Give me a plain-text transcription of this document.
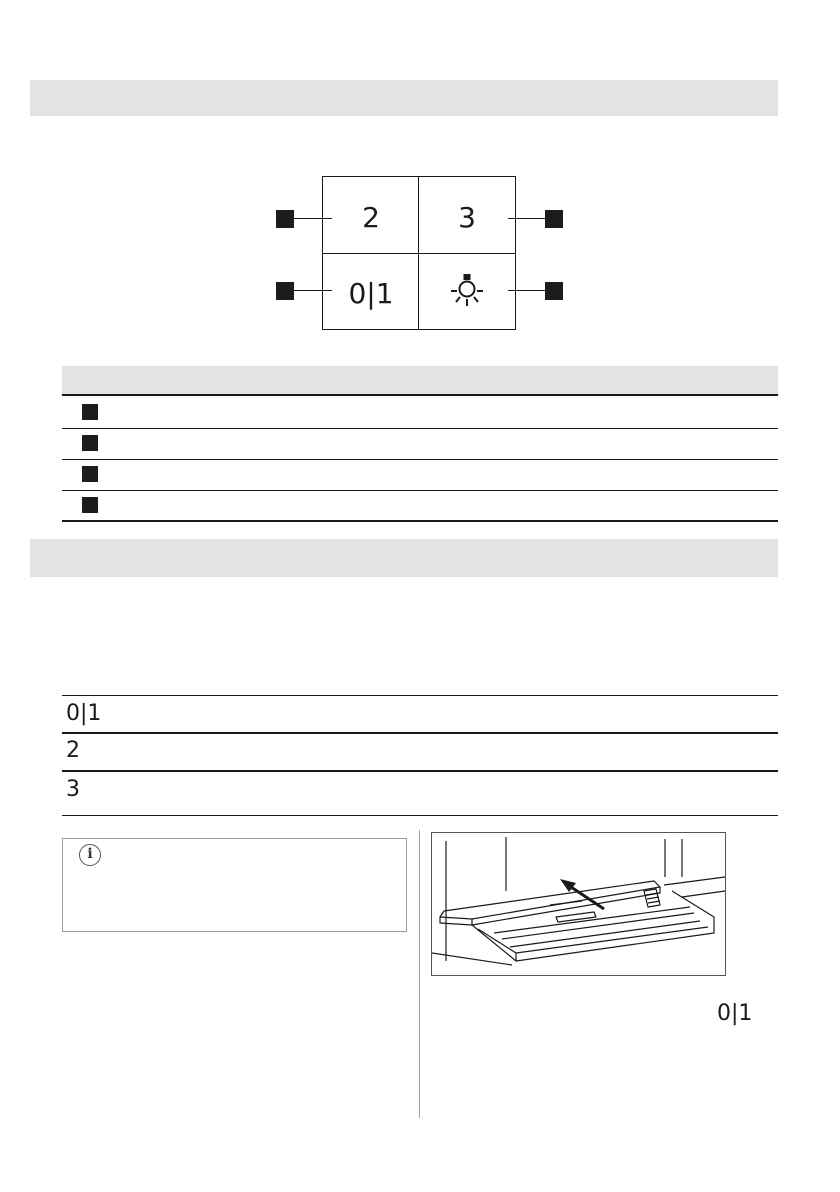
2	3
0|1
0|1
2
3
i
0|1
